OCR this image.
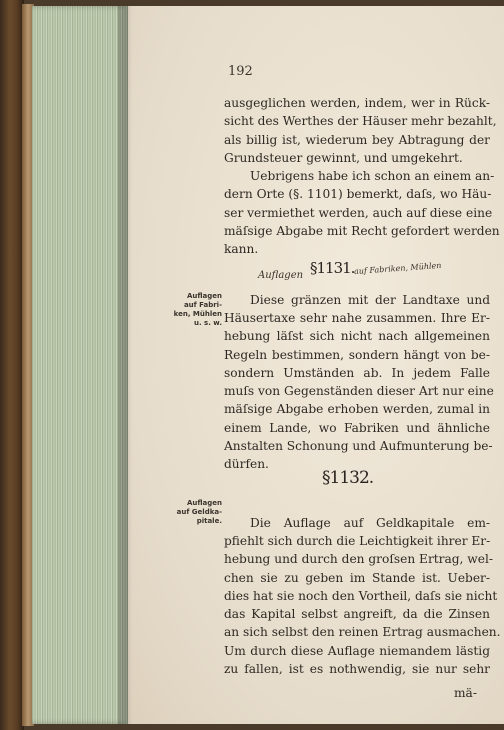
192
Auflagen	auf Fabriken, Mühlen
§1131.
§1132.
Auflagen
auf Fabri-
ken, Mühlen
u. s. w.
Auflagen
auf Geldka-
pitale.
ausgeglichen werden, indem, wer in Rück-
sicht des Werthes der Häuser mehr bezahlt,
als billig ist, wiederum bey Abtragung der
Grundsteuer gewinnt, und umgekehrt.
Uebrigens habe ich schon an einem an-
dern Orte (§. 1101) bemerkt, daſs, wo Häu-
ser vermiethet werden, auch auf diese eine
mäſsige Abgabe mit Recht gefordert werden
kann.
Diese gränzen mit der Landtaxe und
Häusertaxe sehr nahe zusammen. Ihre Er-
hebung läſst sich nicht nach allgemeinen
Regeln bestimmen, sondern hängt von be-
sondern Umständen ab. In jedem Falle
muſs von Gegenständen dieser Art nur eine
mäſsige Abgabe erhoben werden, zumal in
einem Lande, wo Fabriken und ähnliche
Anstalten Schonung und Aufmunterung be-
dürfen.
Die Auflage auf Geldkapitale em-
pfiehlt sich durch die Leichtigkeit ihrer Er-
hebung und durch den groſsen Ertrag, wel-
chen sie zu geben im Stande ist. Ueber-
dies hat sie noch den Vortheil, daſs sie nicht
das Kapital selbst angreift, da die Zinsen
an sich selbst den reinen Ertrag ausmachen.
Um durch diese Auflage niemandem lästig
zu fallen, ist es nothwendig, sie nur sehr
mä-
